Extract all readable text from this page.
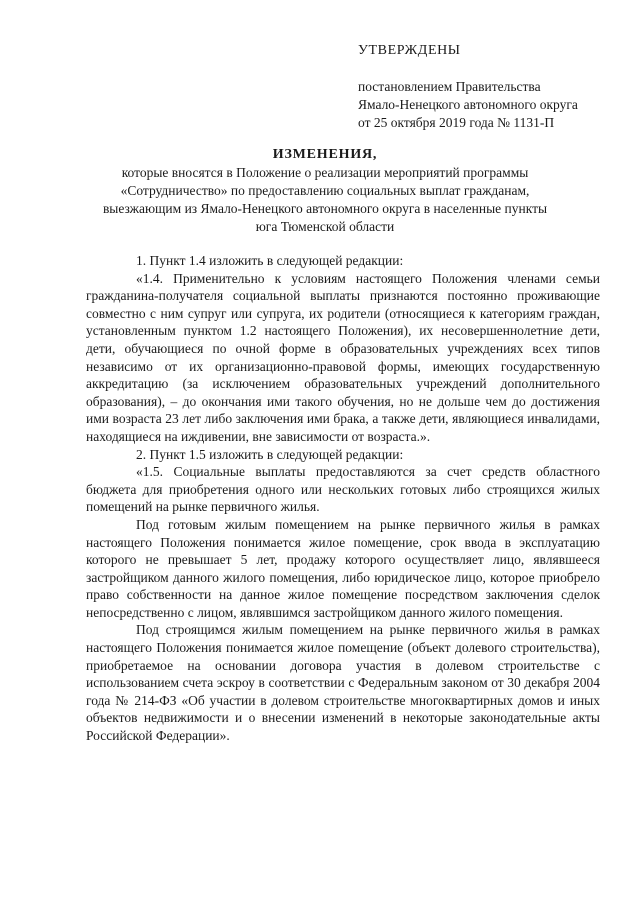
УТВЕРЖДЕНЫ
постановлением Правительства
Ямало-Ненецкого автономного округа
от 25 октября 2019 года № 1131-П
ИЗМЕНЕНИЯ,
которые вносятся в Положение о реализации мероприятий программы «Сотрудничество» по предоставлению социальных выплат гражданам, выезжающим из Ямало-Ненецкого автономного округа в населенные пункты юга Тюменской области

1. Пункт 1.4 изложить в следующей редакции:

«1.4. Применительно к условиям настоящего Положения членами семьи гражданина-получателя социальной выплаты признаются постоянно проживающие совместно с ним супруг или супруга, их родители (относящиеся к категориям граждан, установленным пунктом 1.2 настоящего Положения), их несовершеннолетние дети, дети, обучающиеся по очной форме в образовательных учреждениях всех типов независимо от их организационно-правовой формы, имеющих государственную аккредитацию (за исключением образовательных учреждений дополнительного образования), – до окончания ими такого обучения, но не дольше чем до достижения ими возраста 23 лет либо заключения ими брака, а также дети, являющиеся инвалидами, находящиеся на иждивении, вне зависимости от возраста.».

2. Пункт 1.5 изложить в следующей редакции:

«1.5. Социальные выплаты предоставляются за счет средств областного бюджета для приобретения одного или нескольких готовых либо строящихся жилых помещений на рынке первичного жилья.

Под готовым жилым помещением на рынке первичного жилья в рамках настоящего Положения понимается жилое помещение, срок ввода в эксплуатацию которого не превышает 5 лет, продажу которого осуществляет лицо, являвшееся застройщиком данного жилого помещения, либо юридическое лицо, которое приобрело право собственности на данное жилое помещение посредством заключения сделок непосредственно с лицом, являвшимся застройщиком данного жилого помещения.

Под строящимся жилым помещением на рынке первичного жилья в рамках настоящего Положения понимается жилое помещение (объект долевого строительства), приобретаемое на основании договора участия в долевом строительстве с использованием счета эскроу в соответствии с Федеральным законом от 30 декабря 2004 года № 214-ФЗ «Об участии в долевом строительстве многоквартирных домов и иных объектов недвижимости и о внесении изменений в некоторые законодательные акты Российской Федерации».
